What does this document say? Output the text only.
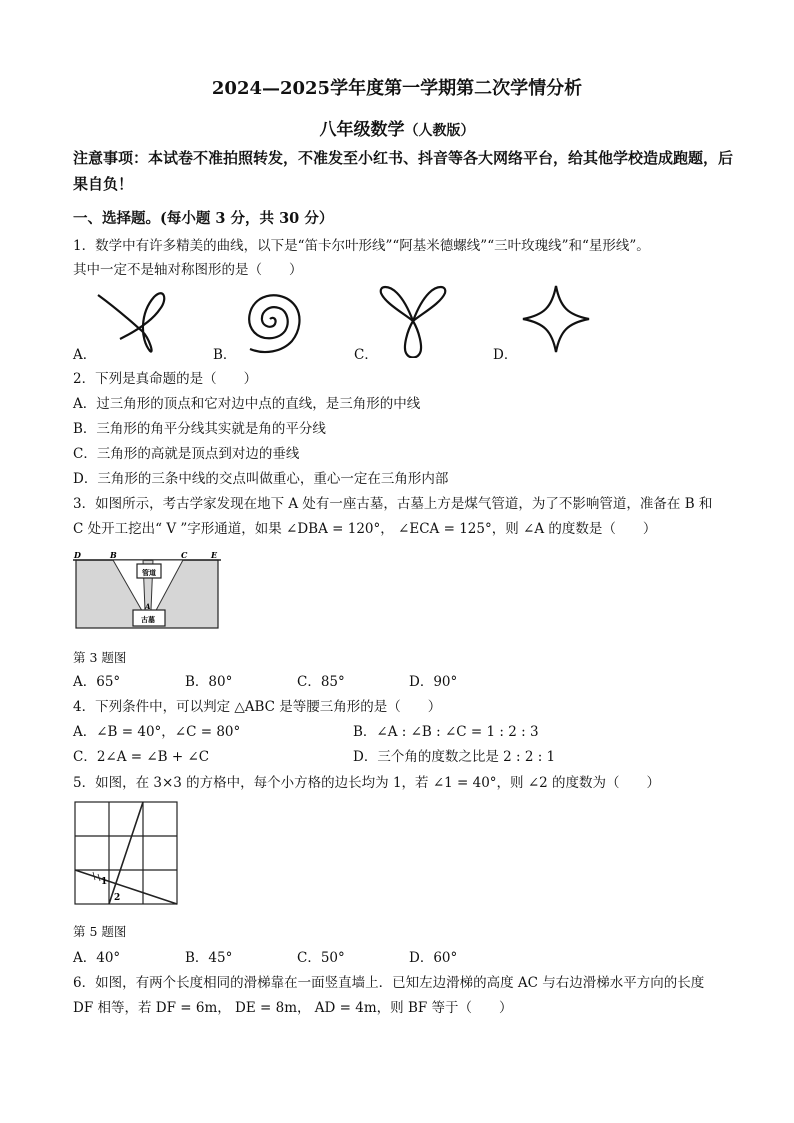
2024—2025学年度第一学期第二次学情分析
八年级数学（人教版）
注意事项：本试卷不准拍照转发，不准发至小红书、抖音等各大网络平台，给其他学校造成跑题，后果自负！
一、选择题。(每小题 3 分，共 30 分）
1．数学中有许多精美的曲线，以下是“笛卡尔叶形线”“阿基米德螺线”“三叶玫瑰线”和“星形线”。
其中一定不是轴对称图形的是（　　）
A．	B．	C．	D．
2．下列是真命题的是（　　）
A．过三角形的顶点和它对边中点的直线，是三角形的中线
B．三角形的角平分线其实就是角的平分线
C．三角形的高就是顶点到对边的垂线
D．三角形的三条中线的交点叫做重心，重心一定在三角形内部
3．如图所示，考古学家发现在地下 A 处有一座古墓，古墓上方是煤气管道，为了不影响管道，准备在 B 和
C 处开工挖出“ V ”字形通道，如果 ∠DBA = 120°， ∠ECA = 125°，则 ∠A 的度数是（　　）
管道
古墓
D	B	C	E
A
第 3 题图
A．65°	B．80°	C．85°	D．90°
4．下列条件中，可以判定 △ABC 是等腰三角形的是（　　）
A．∠B = 40°，∠C = 80°	B．∠A : ∠B : ∠C = 1 : 2 : 3
C．2∠A = ∠B + ∠C	D．三个角的度数之比是 2 : 2 : 1
5．如图，在 3×3 的方格中，每个小方格的边长均为 1，若 ∠1 = 40°，则 ∠2 的度数为（　　）
1
2
第 5 题图
A．40°	B．45°	C．50°	D．60°
6．如图，有两个长度相同的滑梯靠在一面竖直墙上．已知左边滑梯的高度 AC 与右边滑梯水平方向的长度
DF 相等，若 DF = 6m， DE = 8m， AD = 4m，则 BF 等于（　　）
